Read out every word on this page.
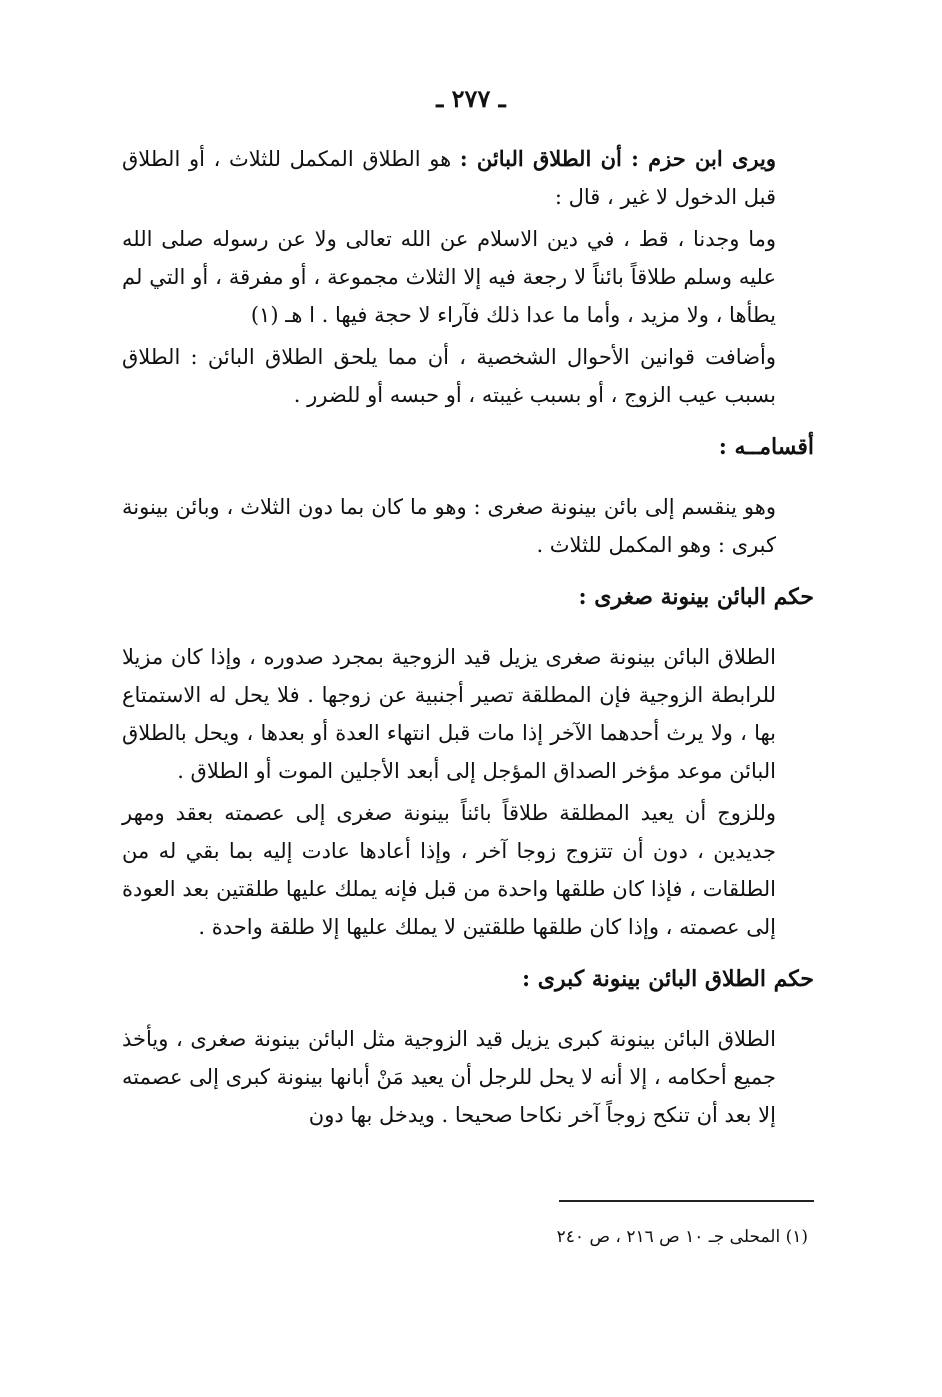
ـ ٢٧٧ ـ

ويرى ابن حزم : أن الطلاق البائن : هو الطلاق المكمل للثلاث ، أو الطلاق قبل الدخول لا غير ، قال :

وما وجدنا ، قط ، في دين الاسلام عن الله تعالى ولا عن رسوله صلى الله عليه وسلم طلاقاً بائناً لا رجعة فيه إلا الثلاث مجموعة ، أو مفرقة ، أو التي لم يطأها ، ولا مزيد ، وأما ما عدا ذلك فآراء لا حجة فيها . ا هـ (١)

وأضافت قوانين الأحوال الشخصية ، أن مما يلحق الطلاق البائن : الطلاق بسبب عيب الزوج ، أو بسبب غيبته ، أو حبسه أو للضرر .

أقسامــه :

وهو ينقسم إلى بائن بينونة صغرى : وهو ما كان بما دون الثلاث ، وبائن بينونة كبرى : وهو المكمل للثلاث .

حكم البائن بينونة صغرى :

الطلاق البائن بينونة صغرى يزيل قيد الزوجية بمجرد صدوره ، وإذا كان مزيلا للرابطة الزوجية فإن المطلقة تصير أجنبية عن زوجها . فلا يحل له الاستمتاع بها ، ولا يرث أحدهما الآخر إذا مات قبل انتهاء العدة أو بعدها ، ويحل بالطلاق البائن موعد مؤخر الصداق المؤجل إلى أبعد الأجلين الموت أو الطلاق .

وللزوج أن يعيد المطلقة طلاقاً بائناً بينونة صغرى إلى عصمته بعقد ومهر جديدين ، دون أن تتزوج زوجا آخر ، وإذا أعادها عادت إليه بما بقي له من الطلقات ، فإذا كان طلقها واحدة من قبل فإنه يملك عليها طلقتين بعد العودة إلى عصمته ، وإذا كان طلقها طلقتين لا يملك عليها إلا طلقة واحدة .

حكم الطلاق البائن بينونة كبرى :

الطلاق البائن بينونة كبرى يزيل قيد الزوجية مثل البائن بينونة صغرى ، ويأخذ جميع أحكامه ، إلا أنه لا يحل للرجل أن يعيد مَنْ أبانها بينونة كبرى إلى عصمته إلا بعد أن تنكح زوجاً آخر نكاحا صحيحا . ويدخل بها دون

(١) المحلى جـ ١٠ ص ٢١٦ ، ص ٢٤٠
